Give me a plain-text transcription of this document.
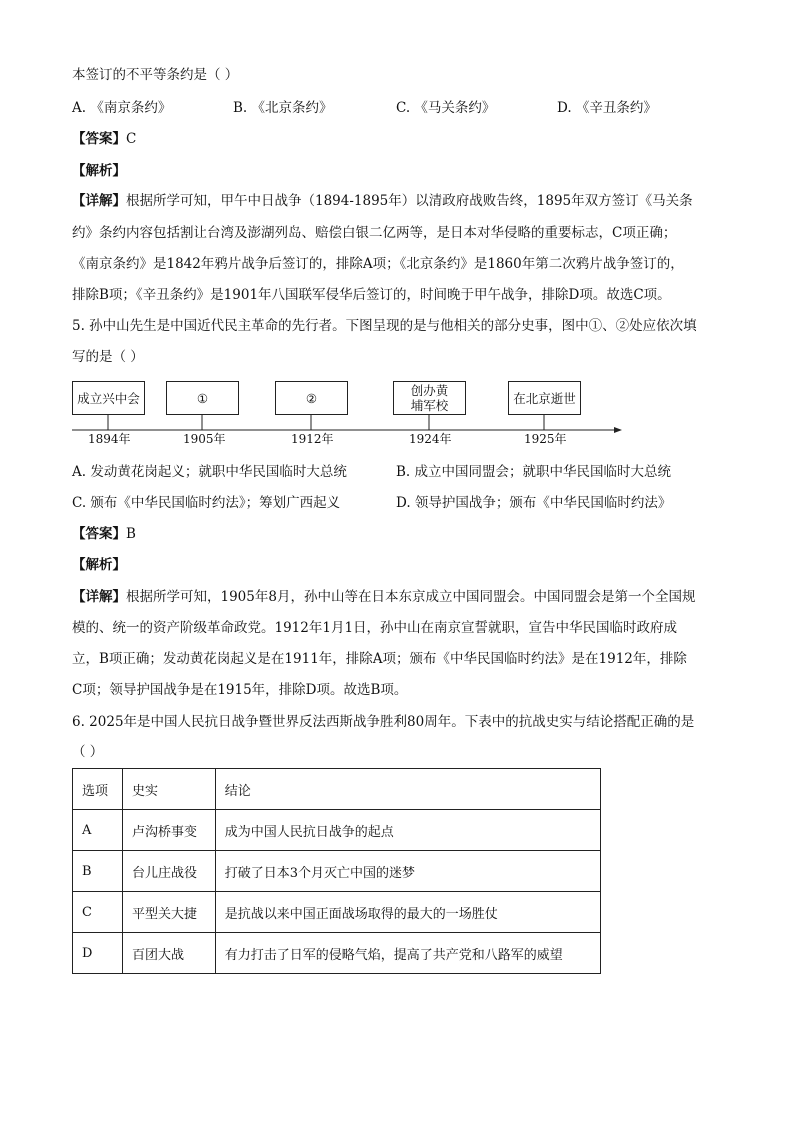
本签订的不平等条约是（ ）
A. 《南京条约》	B. 《北京条约》	C. 《马关条约》	D. 《辛丑条约》
【答案】C
【解析】
【详解】根据所学可知，甲午中日战争（1894-1895年）以清政府战败告终，1895年双方签订《马关条
约》条约内容包括割让台湾及澎湖列岛、赔偿白银二亿两等，是日本对华侵略的重要标志，C项正确；
《南京条约》是1842年鸦片战争后签订的，排除A项；《北京条约》是1860年第二次鸦片战争签订的，
排除B项；《辛丑条约》是1901年八国联军侵华后签订的，时间晚于甲午战争，排除D项。故选C项。
5. 孙中山先生是中国近代民主革命的先行者。下图呈现的是与他相关的部分史事，图中①、②处应依次填
写的是（ ）
成立兴中会	①	②	创办黄埔军校	在北京逝世
1894年	1905年	1912年	1924年	1925年
A. 发动黄花岗起义；就职中华民国临时大总统	B. 成立中国同盟会；就职中华民国临时大总统
C. 颁布《中华民国临时约法》；筹划广西起义	D. 领导护国战争；颁布《中华民国临时约法》
【答案】B
【解析】
【详解】根据所学可知，1905年8月，孙中山等在日本东京成立中国同盟会。中国同盟会是第一个全国规
模的、统一的资产阶级革命政党。1912年1月1日，孙中山在南京宣誓就职，宣告中华民国临时政府成
立，B项正确；发动黄花岗起义是在1911年，排除A项；颁布《中华民国临时约法》是在1912年，排除
C项；领导护国战争是在1915年，排除D项。故选B项。
6. 2025年是中国人民抗日战争暨世界反法西斯战争胜利80周年。下表中的抗战史实与结论搭配正确的是
（ ）
选项	史实	结论
A	卢沟桥事变	成为中国人民抗日战争的起点
B	台儿庄战役	打破了日本3个月灭亡中国的迷梦
C	平型关大捷	是抗战以来中国正面战场取得的最大的一场胜仗
D	百团大战	有力打击了日军的侵略气焰，提高了共产党和八路军的威望
